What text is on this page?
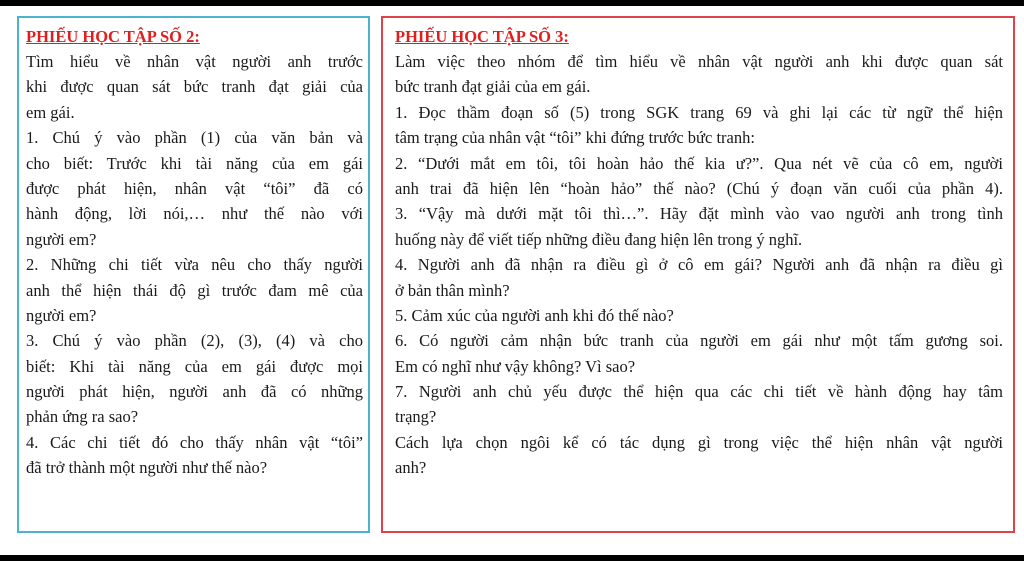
PHIẾU HỌC TẬP SỐ 2:
Tìm hiểu về nhân vật người anh trước
khi được quan sát bức tranh đạt giải của
em gái.
1. Chú ý vào phần (1) của văn bản và
cho biết: Trước khi tài năng của em gái
được phát hiện, nhân vật “tôi” đã có
hành động, lời nói,… như thế nào với
người em?
2. Những chi tiết vừa nêu cho thấy người
anh thể hiện thái độ gì trước đam mê của
người em?
3. Chú ý vào phần (2), (3), (4) và cho
biết: Khi tài năng của em gái được mọi
người phát hiện, người anh đã có những
phản ứng ra sao?
4. Các chi tiết đó cho thấy nhân vật “tôi”
đã trở thành một người như thế nào?
PHIẾU HỌC TẬP SỐ 3:
Làm việc theo nhóm để tìm hiểu về nhân vật người anh khi được quan sát
bức tranh đạt giải của em gái.
1. Đọc thầm đoạn số (5) trong SGK trang 69 và ghi lại các từ ngữ thể hiện
tâm trạng của nhân vật “tôi” khi đứng trước bức tranh:
2. “Dưới mắt em tôi, tôi hoàn hảo thế kia ư?”. Qua nét vẽ của cô em, người
anh trai đã hiện lên “hoàn hảo” thế nào? (Chú ý đoạn văn cuối của phần 4).
3. “Vậy mà dưới mặt tôi thì…”. Hãy đặt mình vào vao người anh trong tình
huống này để viết tiếp những điều đang hiện lên trong ý nghĩ.
4. Người anh đã nhận ra điều gì ở cô em gái? Người anh đã nhận ra điều gì
ở bản thân mình?
5. Cảm xúc của người anh khi đó thế nào?
6. Có người cảm nhận bức tranh của người em gái như một tấm gương soi.
Em có nghĩ như vậy không? Vì sao?
7. Người anh chủ yếu được thể hiện qua các chi tiết về hành động hay tâm
trạng?
Cách lựa chọn ngôi kể có tác dụng gì trong việc thể hiện nhân vật người
anh?
